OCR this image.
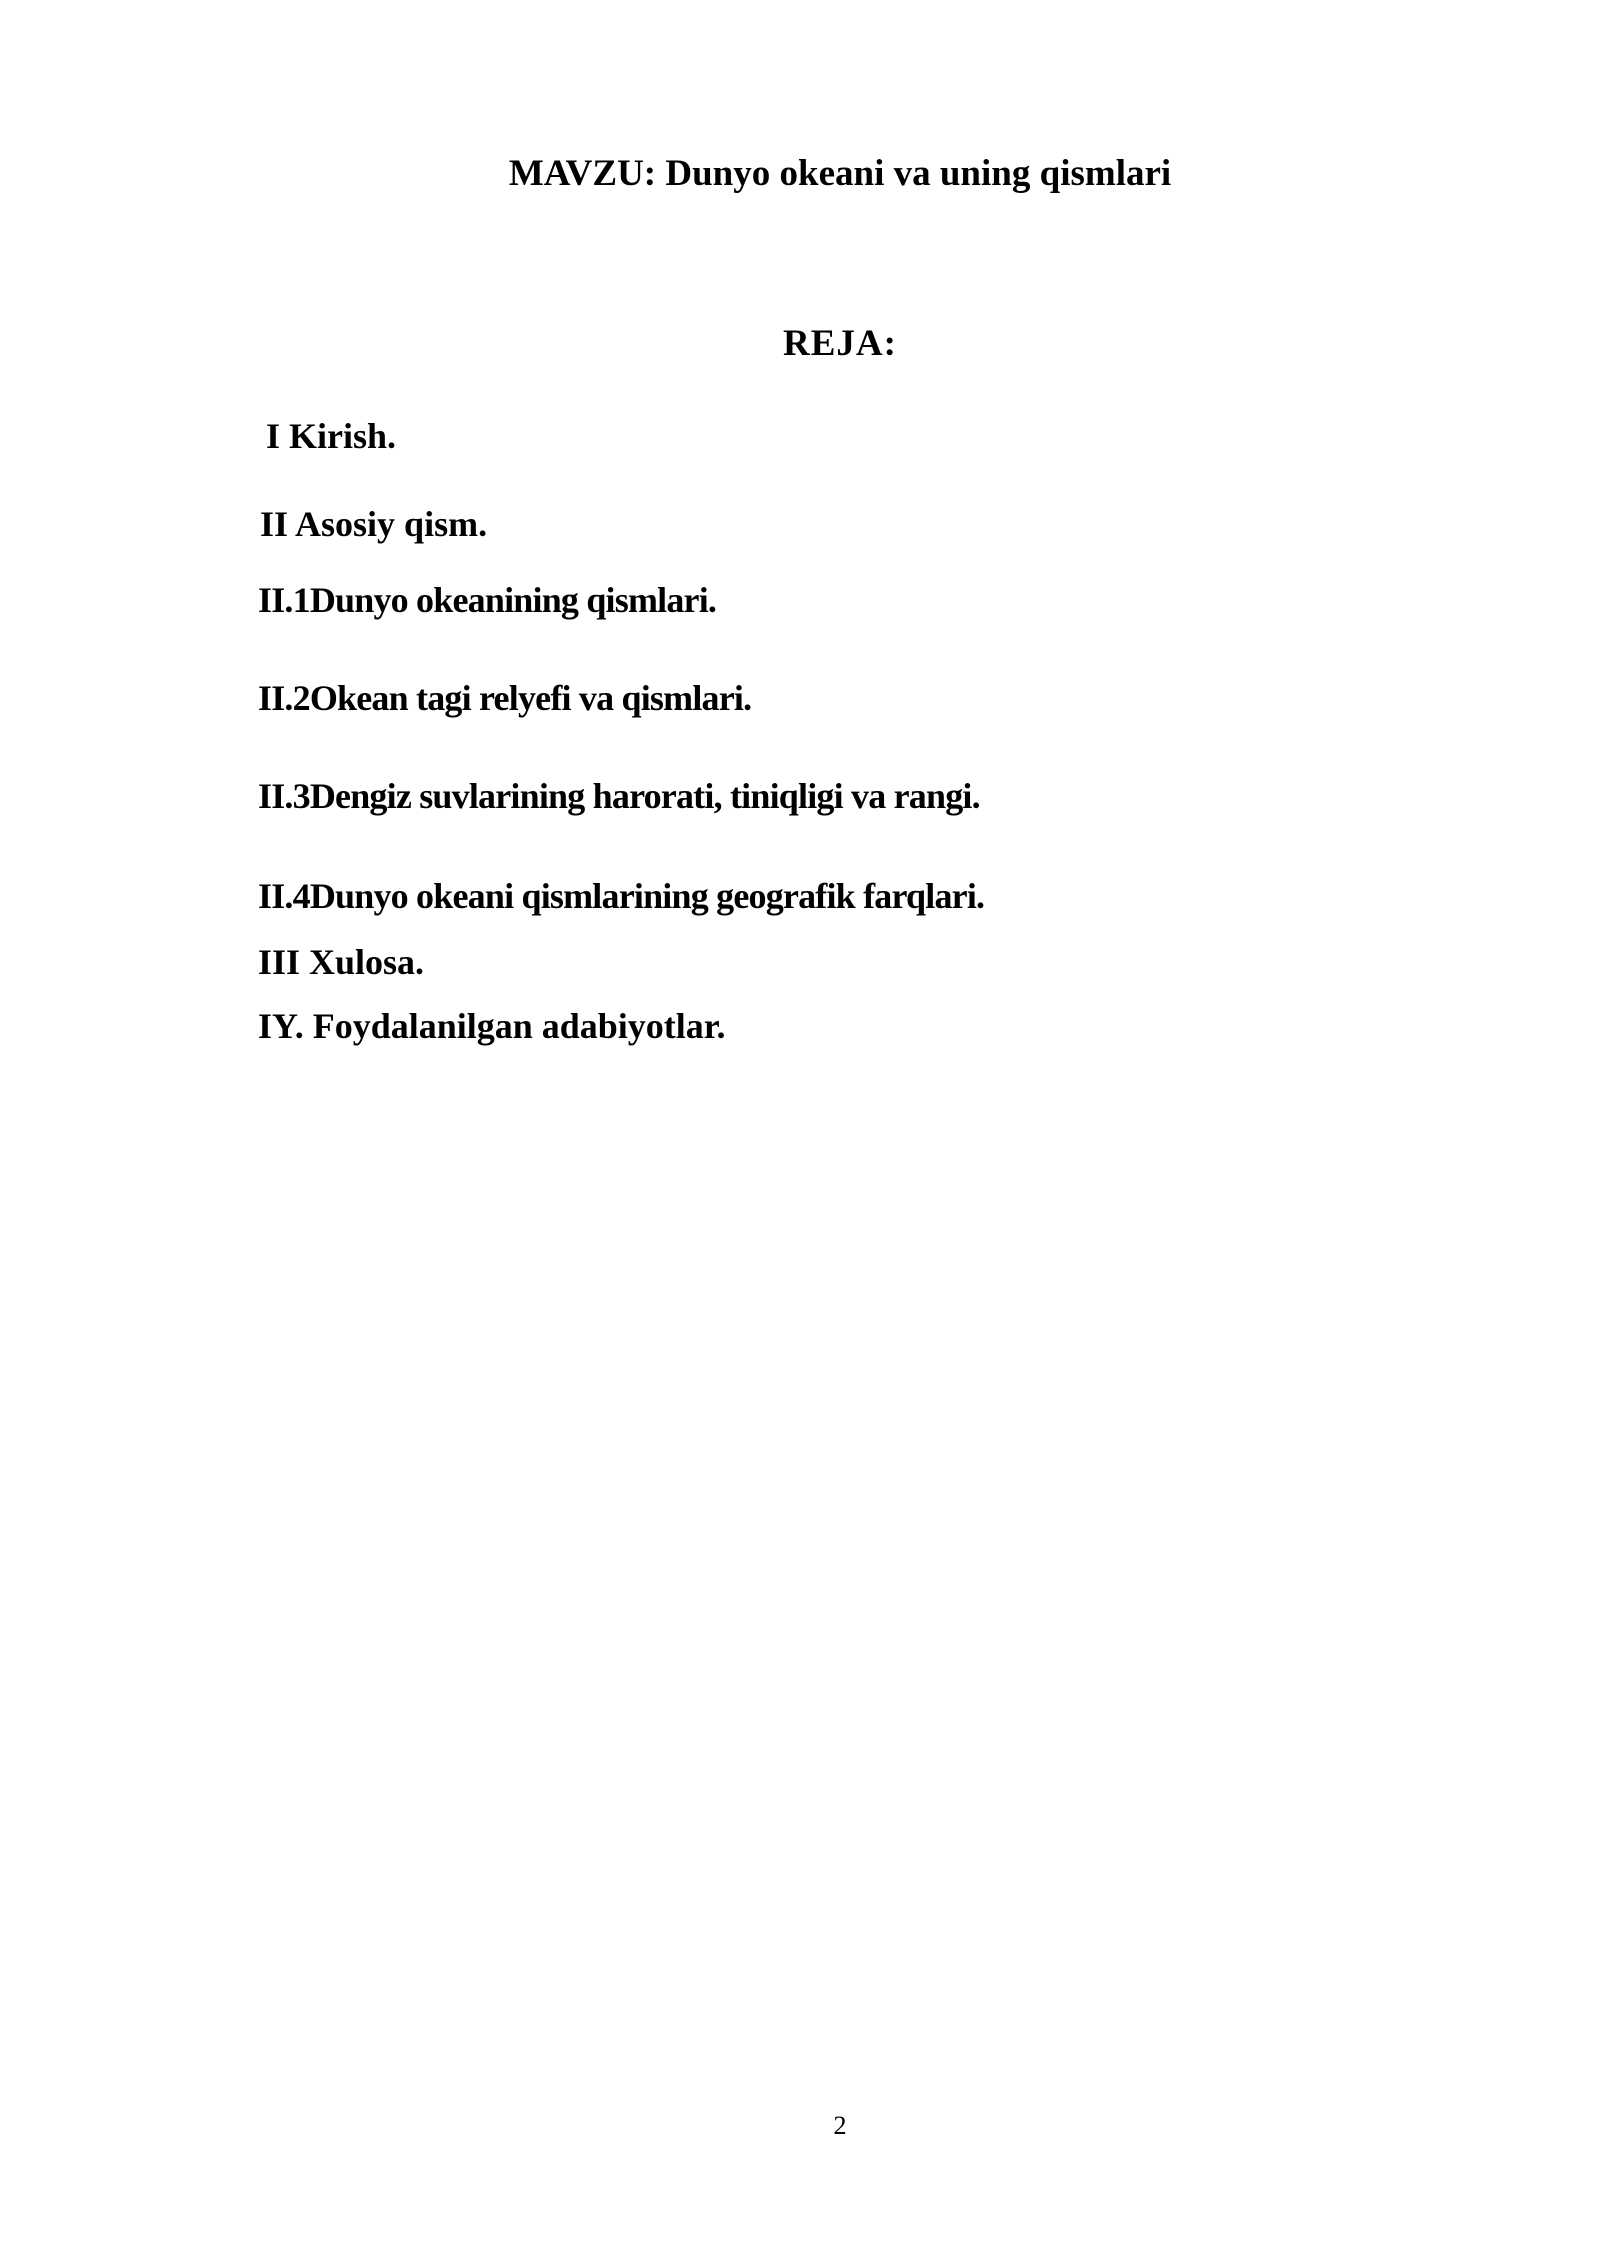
MAVZU: Dunyo okeani va uning qismlari
REJA:
I Kirish.
II Asosiy qism.
II.1Dunyo okeanining qismlari.
II.2Okean tagi relyefi va qismlari.
II.3Dengiz suvlarining harorati, tiniqligi va rangi.
II.4Dunyo okeani qismlarining geografik farqlari.
III Xulosa.
IY. Foydalanilgan adabiyotlar.
2
